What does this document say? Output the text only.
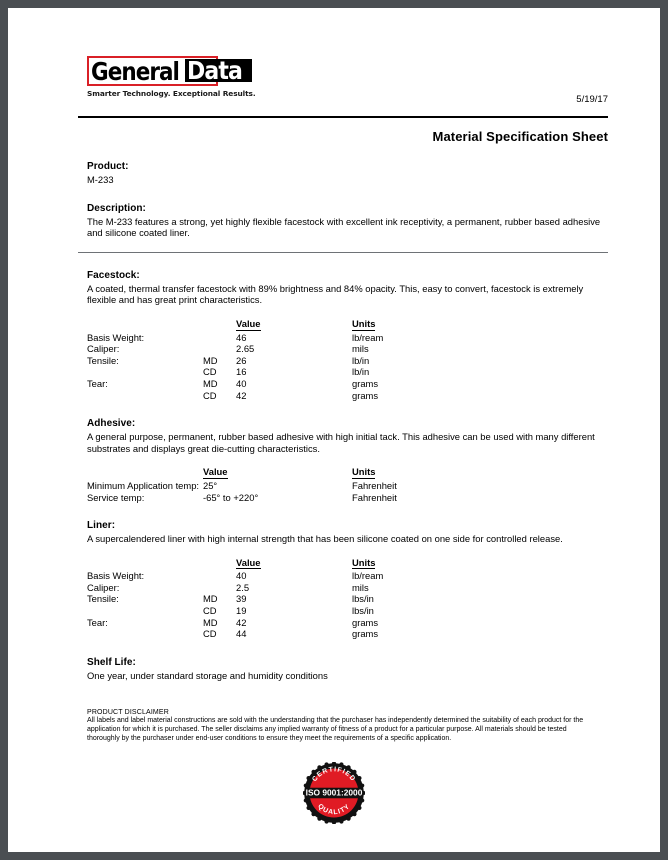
General Data
Smarter Technology. Exceptional Results.
5/19/17
Material Specification Sheet

Product:

M-233

Description:

The M-233 features a strong, yet highly flexible facestock with excellent ink receptivity, a permanent, rubber based adhesive and silicone coated liner.

Facestock:

A coated, thermal transfer facestock with 89% brightness and 84% opacity. This, easy to convert, facestock is extremely flexible and has great print characteristics.

		Value	Units
Basis Weight:		46	lb/ream
Caliper:		2.65	mils
Tensile:	MD	26	lb/in
	CD	16	lb/in
Tear:	MD	40	grams
	CD	42	grams

Adhesive:

A general purpose, permanent, rubber based adhesive with high initial tack. This adhesive can be used with many different substrates and displays great die-cutting characteristics.

	Value	Units
Minimum Application temp:	25°	Fahrenheit
Service temp:	-65° to +220°	Fahrenheit

Liner:

A supercalendered liner with high internal strength that has been silicone coated on one side for controlled release.

		Value	Units
Basis Weight:		40	lb/ream
Caliper:		2.5	mils
Tensile:	MD	39	lbs/in
	CD	19	lbs/in
Tear:	MD	42	grams
	CD	44	grams

Shelf Life:

One year, under standard storage and humidity conditions

PRODUCT DISCLAIMER

All labels and label material constructions are sold with the understanding that the purchaser has independently determined the suitability of each product for the application for which it is purchased. The seller disclaims any implied warranty of fitness of a product for a particular purpose. All materials should be tested thoroughly by the purchaser under end-user conditions to ensure they meet the requirements of a specific application.

ISO 9001:2000
CERTIFIED
QUALITY
